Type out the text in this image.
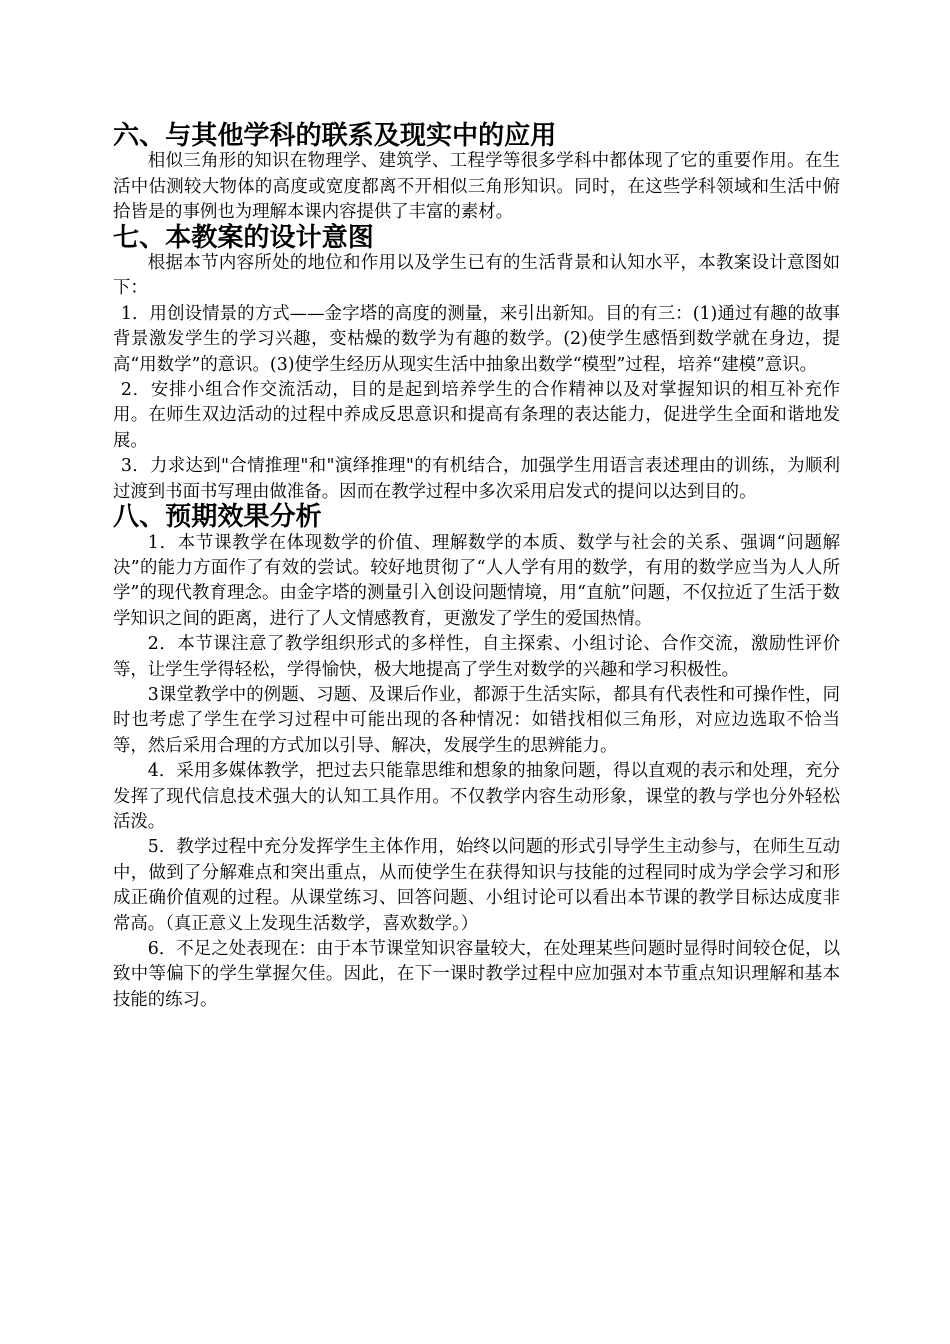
六、与其他学科的联系及现实中的应用

相似三角形的知识在物理学、建筑学、工程学等很多学科中都体现了它的重要作用。在生活中估测较大物体的高度或宽度都离不开相似三角形知识。同时，在这些学科领域和生活中俯拾皆是的事例也为理解本课内容提供了丰富的素材。

七、本教案的设计意图

根据本节内容所处的地位和作用以及学生已有的生活背景和认知水平，本教案设计意图如下：

1．用创设情景的方式——金字塔的高度的测量，来引出新知。目的有三：(1)通过有趣的故事背景激发学生的学习兴趣，变枯燥的数学为有趣的数学。(2)使学生感悟到数学就在身边，提高“用数学”的意识。(3)使学生经历从现实生活中抽象出数学“模型”过程，培养“建模”意识。

2．安排小组合作交流活动，目的是起到培养学生的合作精神以及对掌握知识的相互补充作用。在师生双边活动的过程中养成反思意识和提高有条理的表达能力，促进学生全面和谐地发展。

3．力求达到"合情推理"和"演绎推理"的有机结合，加强学生用语言表述理由的训练，为顺利过渡到书面书写理由做准备。因而在教学过程中多次采用启发式的提问以达到目的。

八、预期效果分析

1．本节课教学在体现数学的价值、理解数学的本质、数学与社会的关系、强调“问题解决”的能力方面作了有效的尝试。较好地贯彻了“人人学有用的数学，有用的数学应当为人人所学”的现代教育理念。由金字塔的测量引入创设问题情境，用“直航”问题，不仅拉近了生活于数学知识之间的距离，进行了人文情感教育，更激发了学生的爱国热情。

2．本节课注意了教学组织形式的多样性，自主探索、小组讨论、合作交流，激励性评价等，让学生学得轻松，学得愉快，极大地提高了学生对数学的兴趣和学习积极性。

3课堂教学中的例题、习题、及课后作业，都源于生活实际，都具有代表性和可操作性，同时也考虑了学生在学习过程中可能出现的各种情况：如错找相似三角形，对应边选取不恰当等，然后采用合理的方式加以引导、解决，发展学生的思辨能力。

4．采用多媒体教学，把过去只能靠思维和想象的抽象问题，得以直观的表示和处理，充分发挥了现代信息技术强大的认知工具作用。不仅教学内容生动形象，课堂的教与学也分外轻松活泼。

5．教学过程中充分发挥学生主体作用，始终以问题的形式引导学生主动参与，在师生互动中，做到了分解难点和突出重点，从而使学生在获得知识与技能的过程同时成为学会学习和形成正确价值观的过程。从课堂练习、回答问题、小组讨论可以看出本节课的教学目标达成度非常高。（真正意义上发现生活数学，喜欢数学。）

6．不足之处表现在：由于本节课堂知识容量较大，在处理某些问题时显得时间较仓促，以致中等偏下的学生掌握欠佳。因此，在下一课时教学过程中应加强对本节重点知识理解和基本技能的练习。
